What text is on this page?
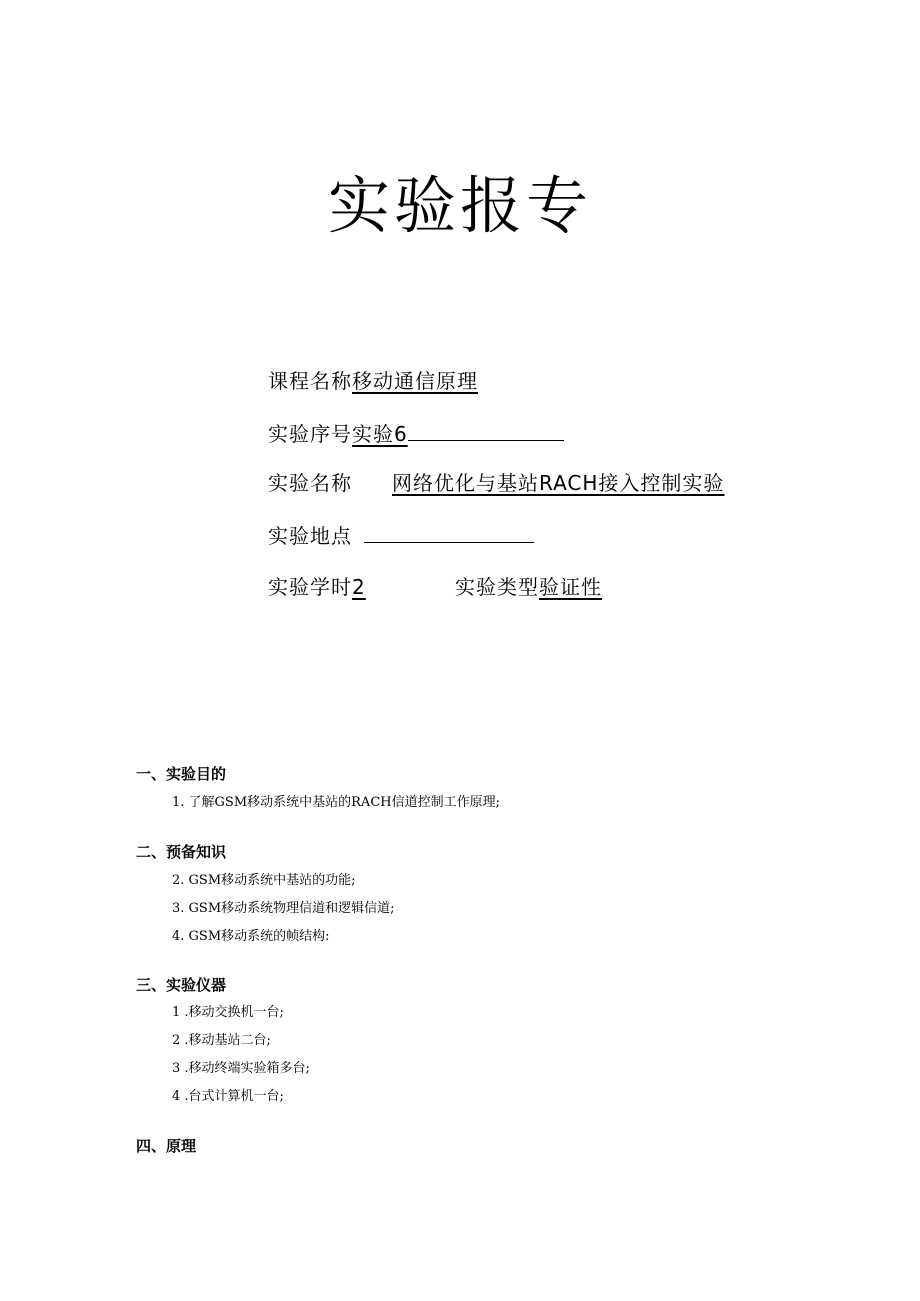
实验报专
课程名称移动通信原理
实验序号实验6
实验名称 网络优化与基站RACH接入控制实验
实验地点
实验学时2	实验类型验证性
一、实验目的
1. 了解GSM移动系统中基站的RACH信道控制工作原理;
二、预备知识
2. GSM移动系统中基站的功能;
3. GSM移动系统物理信道和逻辑信道;
4. GSM移动系统的帧结构:
三、实验仪器
1 .移动交换机一台;
2 .移动基站二台;
3 .移动终端实验箱多台;
4 .台式计算机一台;
四、原理
